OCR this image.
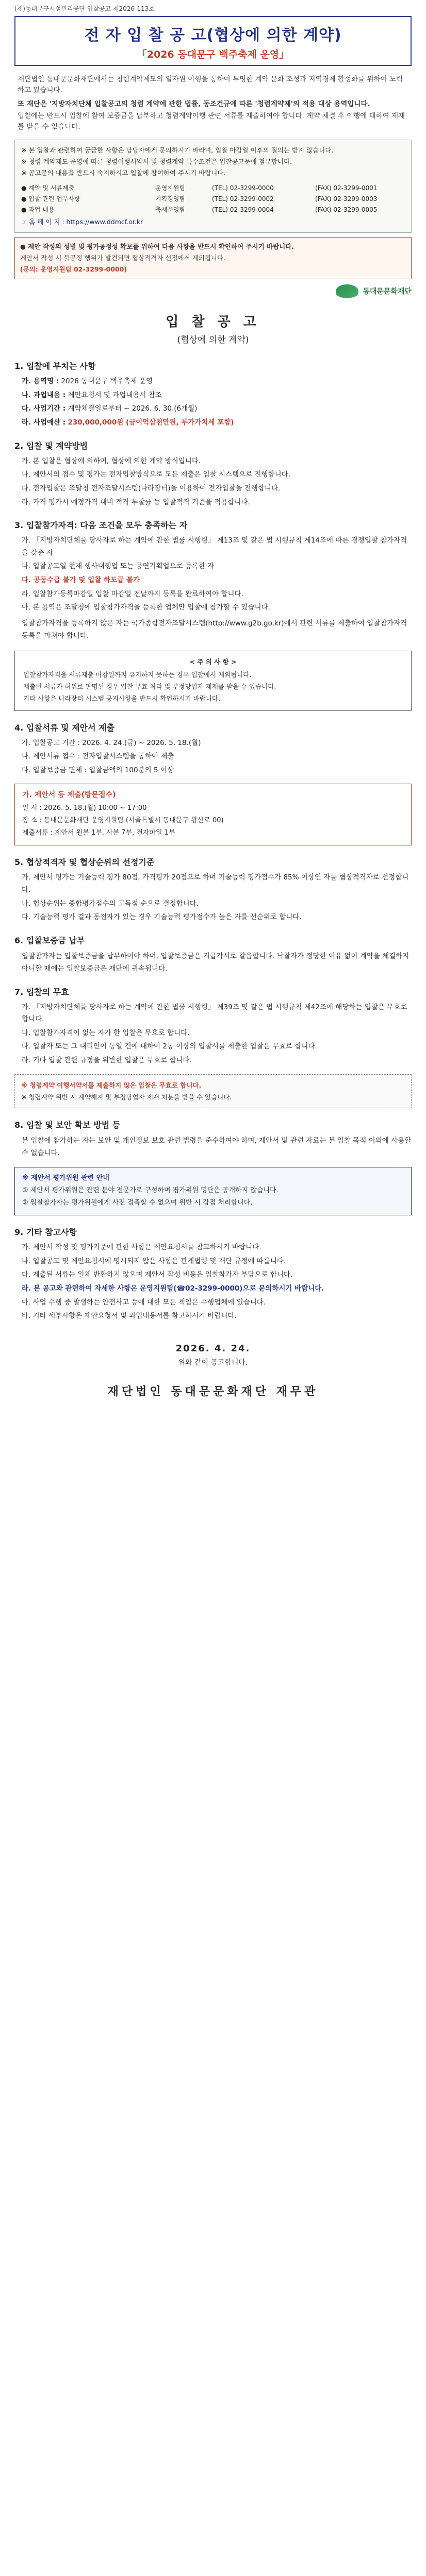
(재)동대문구시설관리공단 입찰공고 제2026-113호
전 자 입 찰 공 고(협상에 의한 계약)
「2026 동대문구 백주축제 운영」

재단법인 동대문문화재단에서는 청렴계약제도의 일자원 이행을 통하여 투명한 계약 문화 조성과 지역경제 활성화를 위하여 노력하고 있습니다.

또 재단은 '지방자치단체 입찰공고의 청렴 계약에 관한 법률, 동조건규에 따른 '청렴계약제'의 적용 대상 용역입니다.

입찰에는 반드시 입찰에 참여 보증금을 납부하고 청렴계약이행 관련 서류를 제출하여야 합니다. 계약 체결 후 이행에 대하여 제재를 받을 수 있습니다.

※ 본 입찰과 관련하여 궁금한 사항은 담당자에게 문의하시기 바라며, 입찰 마감일 이후의 질의는 받지 않습니다.

※ 청렴 계약제도 운영에 따른 청렴이행서약서 및 청렴계약 특수조건은 입찰공고문에 첨부합니다.

※ 공고문의 내용을 반드시 숙지하시고 입찰에 참여하여 주시기 바랍니다.

● 계약 및 서류제출	운영지원팀	(TEL) 02-3299-0000	(FAX) 02-3299-0001
● 입찰 관련 업무사항	기획경영팀	(TEL) 02-3299-0002	(FAX) 02-3299-0003
● 과업 내용	축제운영팀	(TEL) 02-3299-0004	(FAX) 02-3299-0005

☞ 홈 페 이 지 : https://www.ddmcf.or.kr

● 제안 작성의 성별 및 평가공정성 확보를 위하여 다음 사항을 반드시 확인하여 주시기 바랍니다.

제안서 작성 시 불공정 행위가 발견되면 협상적격자 선정에서 제외됩니다.

(문의: 운영지원팀 02-3299-0000)

동대문문화재단
입 찰 공 고
(협상에 의한 계약)
1. 입찰에 부치는 사항
가. 용역명 : 2026 동대문구 백주축제 운영
나. 과업내용 : 제안요청서 및 과업내용서 참조
다. 사업기간 : 계약체결일로부터 ~ 2026. 6. 30.(6개월)
라. 사업예산 : 230,000,000원 (금이억삼천만원, 부가가치세 포함)
2. 입찰 및 계약방법
가. 본 입찰은 협상에 의하여, 협상에 의한 계약 방식입니다.
나. 제안서의 접수 및 평가는 전자입찰방식으로 모든 제출은 입찰 시스템으로 진행합니다.
다. 전자입찰은 조달청 전자조달시스템(나라장터)을 이용하여 전자입찰을 진행합니다.
라. 가격 평가시 예정가격 대비 적격 투찰률 등 입찰적격 기준을 적용합니다.
3. 입찰참가자격: 다음 조건을 모두 충족하는 자
가. 「지방자치단체를 당사자로 하는 계약에 관한 법률 시행령」 제13조 및 같은 법 시행규칙 제14조에 따른 경쟁입찰 참가자격을 갖춘 자
나. 입찰공고일 현재 행사대행업 또는 공연기획업으로 등록한 자
다. 공동수급 불가 및 입찰 하도급 불가
라. 입찰참가등록마감일 입찰 마감일 전날까지 등록을 완료하여야 합니다.
마. 본 용역은 조달청에 입찰참가자격을 등록한 업체만 입찰에 참가할 수 있습니다.
입찰참가자격을 등록하지 않은 자는 국가종합전자조달시스템(http://www.g2b.go.kr)에서 관련 서류를 제출하여 입찰참가자격 등록을 마쳐야 합니다.
< 주 의 사 항 >

입찰참가자격을 서류제출 마감일까지 유지하지 못하는 경우 입찰에서 제외됩니다.

제출된 서류가 허위로 판명된 경우 입찰 무효 처리 및 부정당업자 제재를 받을 수 있습니다.

기타 사항은 나라장터 시스템 공지사항을 반드시 확인하시기 바랍니다.

4. 입찰서류 및 제안서 제출
가. 입찰공고 기간 : 2026. 4. 24.(금) ~ 2026. 5. 18.(월)
나. 제안서류 접수 : 전자입찰시스템을 통하여 제출
다. 입찰보증금 면제 : 입찰금액의 100분의 5 이상
가. 제안서 등 제출(방문접수)

일 시 : 2026. 5. 18.(월) 10:00 ~ 17:00

장 소 : 동대문문화재단 운영지원팀 (서울특별시 동대문구 왕산로 00)

제출서류 : 제안서 원본 1부, 사본 7부, 전자파일 1부

5. 협상적격자 및 협상순위의 선정기준
가. 제안서 평가는 기술능력 평가 80점, 가격평가 20점으로 하며 기술능력 평가점수가 85% 이상인 자를 협상적격자로 선정합니다.
나. 협상순위는 종합평가점수의 고득점 순으로 결정합니다.
다. 기술능력 평가 결과 동점자가 있는 경우 기술능력 평가점수가 높은 자를 선순위로 합니다.
6. 입찰보증금 납부
입찰참가자는 입찰보증금을 납부하여야 하며, 입찰보증금은 지급각서로 갈음합니다. 낙찰자가 정당한 이유 없이 계약을 체결하지 아니할 때에는 입찰보증금은 재단에 귀속됩니다.
7. 입찰의 무효
가. 「지방자치단체를 당사자로 하는 계약에 관한 법률 시행령」 제39조 및 같은 법 시행규칙 제42조에 해당하는 입찰은 무효로 합니다.
나. 입찰참가자격이 없는 자가 한 입찰은 무효로 합니다.
다. 입찰자 또는 그 대리인이 동일 건에 대하여 2통 이상의 입찰서를 제출한 입찰은 무효로 합니다.
라. 기타 입찰 관련 규정을 위반한 입찰은 무효로 합니다.

※ 청렴계약 이행서약서를 제출하지 않은 입찰은 무효로 합니다.

※ 청렴계약 위반 시 계약해지 및 부정당업자 제재 처분을 받을 수 있습니다.

8. 입찰 및 보안 확보 방법 등
본 입찰에 참가하는 자는 보안 및 개인정보 보호 관련 법령을 준수하여야 하며, 제안서 및 관련 자료는 본 입찰 목적 이외에 사용할 수 없습니다.
※ 제안서 평가위원 관련 안내

① 제안서 평가위원은 관련 분야 전문가로 구성하며 평가위원 명단은 공개하지 않습니다.

② 입찰참가자는 평가위원에게 사전 접촉할 수 없으며 위반 시 감점 처리합니다.

9. 기타 참고사항
가. 제안서 작성 및 평가기준에 관한 사항은 제안요청서를 참고하시기 바랍니다.
나. 입찰공고 및 제안요청서에 명시되지 않은 사항은 관계법령 및 재단 규정에 따릅니다.
다. 제출된 서류는 일체 반환하지 않으며 제안서 작성 비용은 입찰참가자 부담으로 합니다.
라. 본 공고와 관련하여 자세한 사항은 운영지원팀(☎02-3299-0000)으로 문의하시기 바랍니다.
마. 사업 수행 중 발생하는 안전사고 등에 대한 모든 책임은 수행업체에 있습니다.
바. 기타 세부사항은 제안요청서 및 과업내용서를 참고하시기 바랍니다.
2026. 4. 24.
위와 같이 공고합니다.
재단법인 동대문문화재단 재무관
